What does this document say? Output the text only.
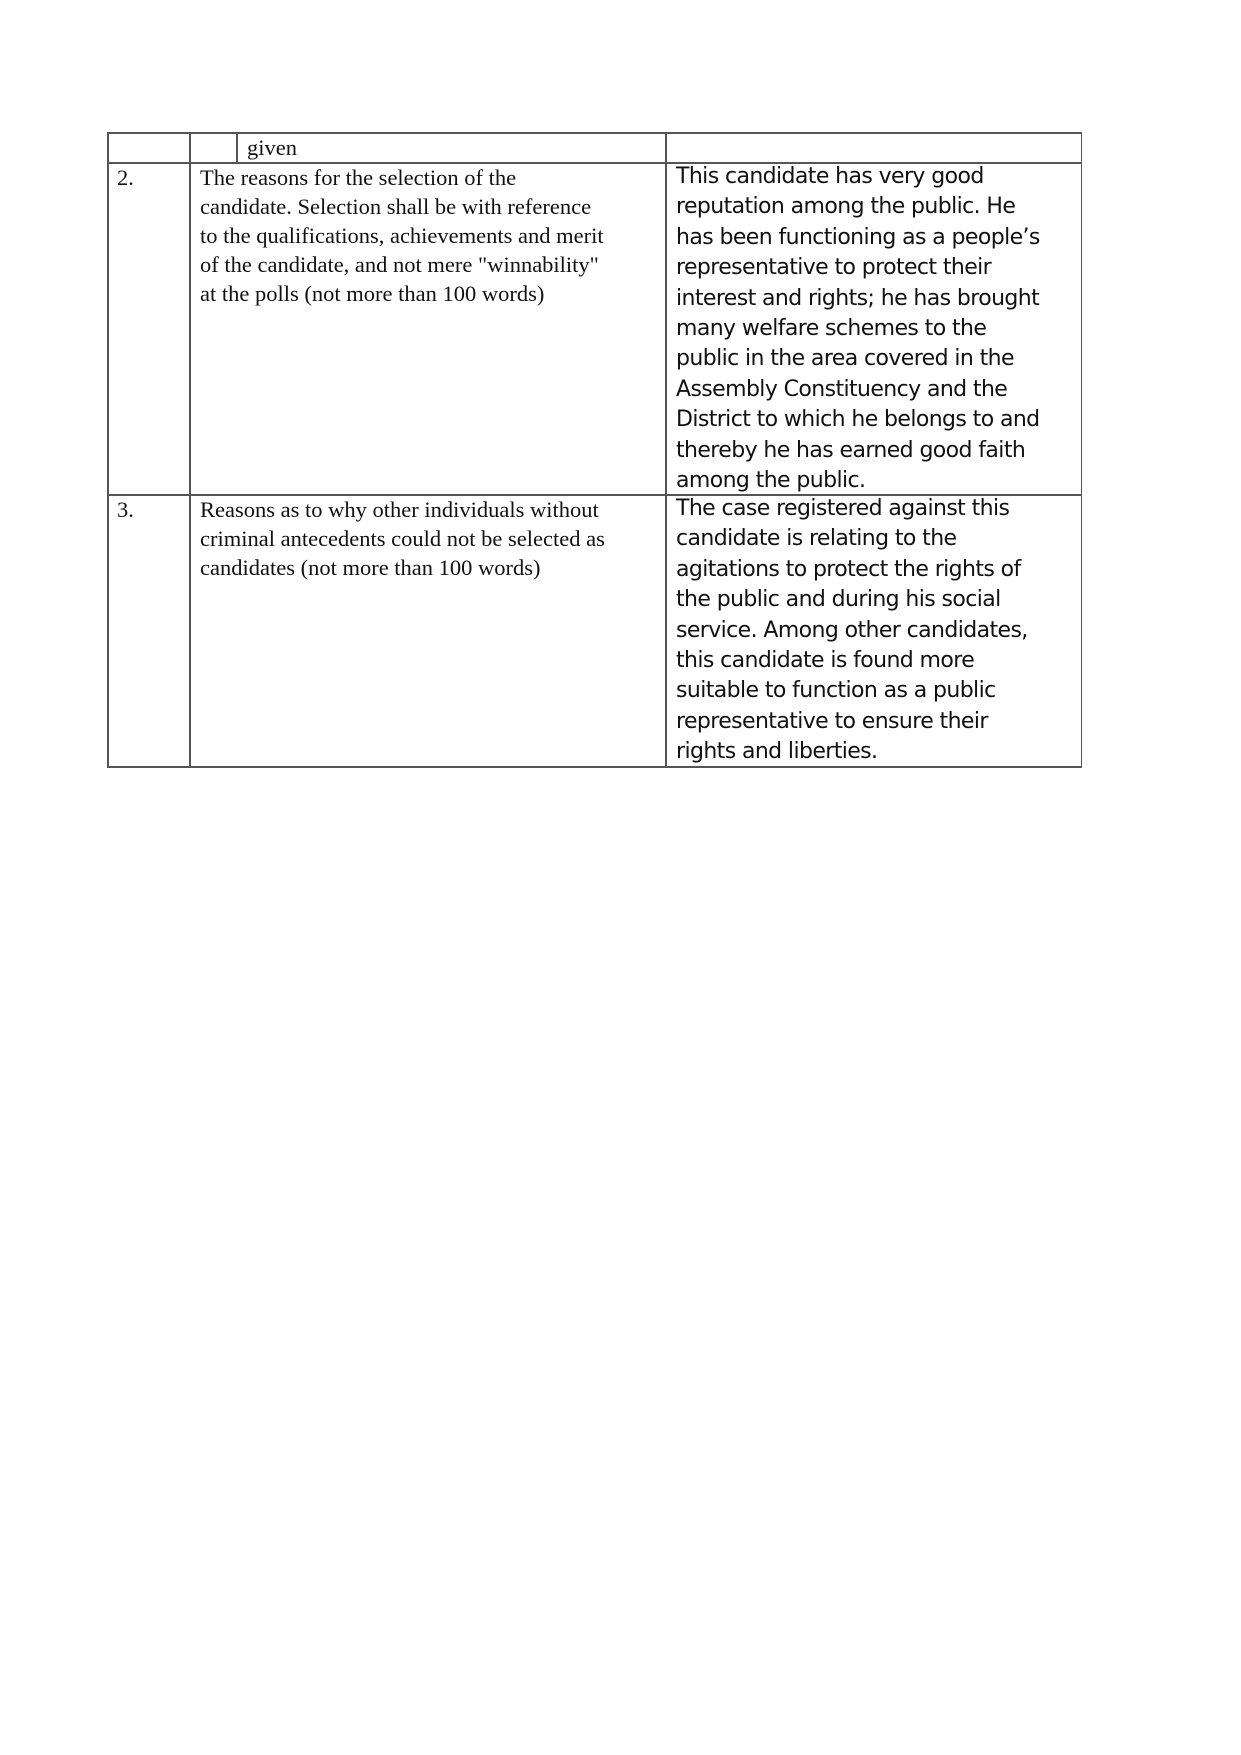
given
2.	The reasons for the selection of the
candidate. Selection shall be with reference
to the qualifications, achievements and merit
of the candidate, and not mere "winnability"
at the polls (not more than 100 words)
This candidate has very good
reputation among the public. He
has been functioning as a people’s
representative to protect their
interest and rights; he has brought
many welfare schemes to the
public in the area covered in the
Assembly Constituency and the
District to which he belongs to and
thereby he has earned good faith
among the public.
3.	Reasons as to why other individuals without
criminal antecedents could not be selected as
candidates (not more than 100 words)
The case registered against this
candidate is relating to the
agitations to protect the rights of
the public and during his social
service. Among other candidates,
this candidate is found more
suitable to function as a public
representative to ensure their
rights and liberties.
